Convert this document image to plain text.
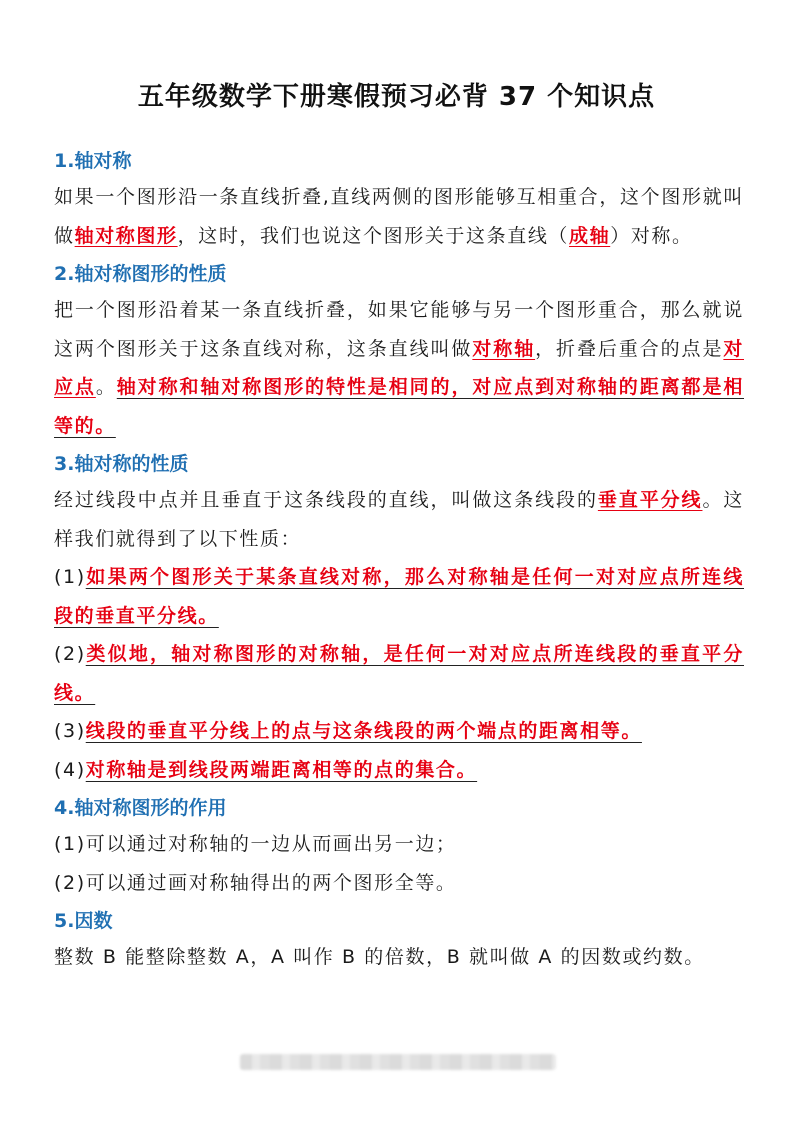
五年级数学下册寒假预习必背 37 个知识点
1.轴对称
如果一个图形沿一条直线折叠,直线两侧的图形能够互相重合，这个图形就叫做轴对称图形，这时，我们也说这个图形关于这条直线（成轴）对称。
2.轴对称图形的性质
把一个图形沿着某一条直线折叠，如果它能够与另一个图形重合，那么就说这两个图形关于这条直线对称，这条直线叫做对称轴，折叠后重合的点是对应点。轴对称和轴对称图形的特性是相同的，对应点到对称轴的距离都是相等的。
3.轴对称的性质
经过线段中点并且垂直于这条线段的直线，叫做这条线段的垂直平分线。这样我们就得到了以下性质：
(1)如果两个图形关于某条直线对称，那么对称轴是任何一对对应点所连线段的垂直平分线。
(2)类似地，轴对称图形的对称轴，是任何一对对应点所连线段的垂直平分线。
(3)线段的垂直平分线上的点与这条线段的两个端点的距离相等。
(4)对称轴是到线段两端距离相等的点的集合。
4.轴对称图形的作用
(1)可以通过对称轴的一边从而画出另一边；
(2)可以通过画对称轴得出的两个图形全等。
5.因数
整数 B 能整除整数 A，A 叫作 B 的倍数，B 就叫做 A 的因数或约数。
